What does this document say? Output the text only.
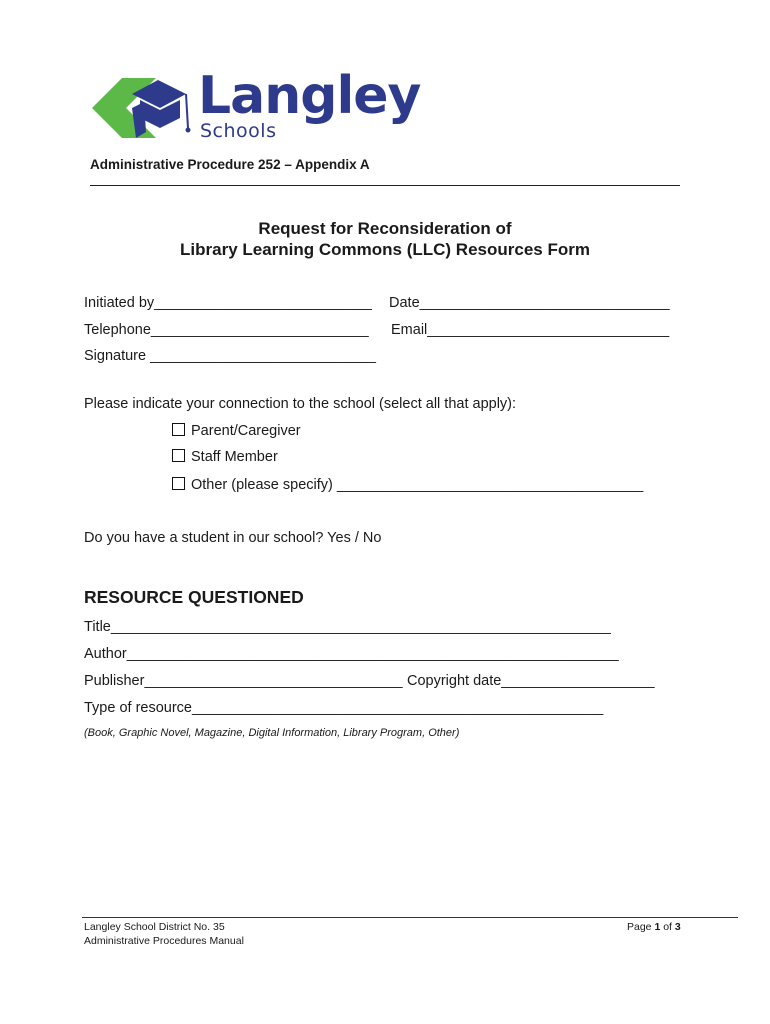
Langley
Schools
Administrative Procedure 252 – Appendix A
Request for Reconsideration of
Library Learning Commons (LLC) Resources Form
Initiated by___________________________ Date_______________________________
Telephone___________________________ Email______________________________
Signature ____________________________
Please indicate your connection to the school (select all that apply):
Parent/Caregiver
Staff Member
Other (please specify) ______________________________________
Do you have a student in our school? Yes / No
RESOURCE QUESTIONED
Title______________________________________________________________
Author_____________________________________________________________
Publisher________________________________ Copyright date___________________
Type of resource___________________________________________________
(Book, Graphic Novel, Magazine, Digital Information, Library Program, Other)
Langley School District No. 35
Administrative Procedures Manual
Page 1 of 3
